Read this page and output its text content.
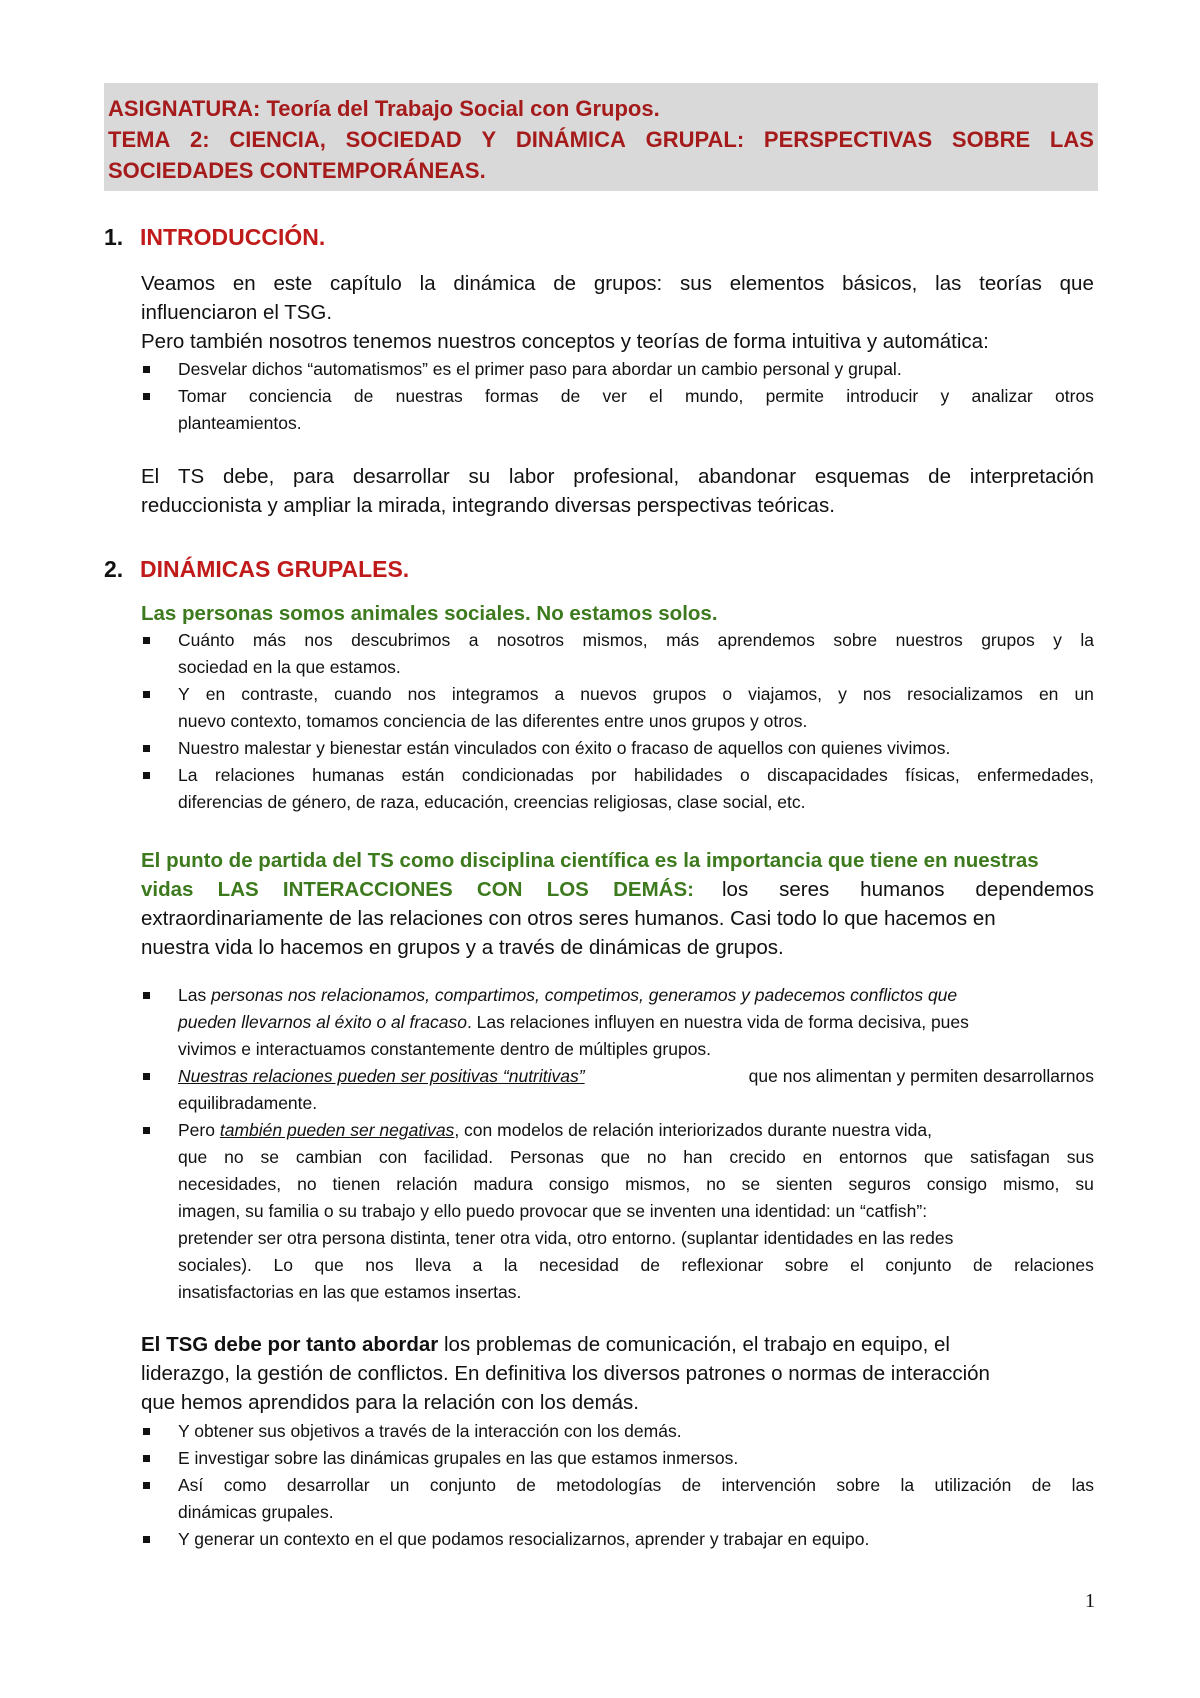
ASIGNATURA: Teoría del Trabajo Social con Grupos.
TEMA 2: CIENCIA, SOCIEDAD Y DINÁMICA GRUPAL: PERSPECTIVAS SOBRE LAS
SOCIEDADES CONTEMPORÁNEAS.
1. INTRODUCCIÓN.
Veamos en este capítulo la dinámica de grupos: sus elementos básicos, las teorías que
influenciaron el TSG.
Pero también nosotros tenemos nuestros conceptos y teorías de forma intuitiva y automática:
Desvelar dichos “automatismos” es el primer paso para abordar un cambio personal y grupal.
Tomar conciencia de nuestras formas de ver el mundo, permite introducir y analizar otros
planteamientos.
El TS debe, para desarrollar su labor profesional, abandonar esquemas de interpretación
reduccionista y ampliar la mirada, integrando diversas perspectivas teóricas.
2. DINÁMICAS GRUPALES.
Las personas somos animales sociales. No estamos solos.
Cuánto más nos descubrimos a nosotros mismos, más aprendemos sobre nuestros grupos y la
sociedad en la que estamos.
Y en contraste, cuando nos integramos a nuevos grupos o viajamos, y nos resocializamos en un
nuevo contexto, tomamos conciencia de las diferentes entre unos grupos y otros.
Nuestro malestar y bienestar están vinculados con éxito o fracaso de aquellos con quienes vivimos.
La relaciones humanas están condicionadas por habilidades o discapacidades físicas, enfermedades,
diferencias de género, de raza, educación, creencias religiosas, clase social, etc.
El punto de partida del TS como disciplina científica es la importancia que tiene en nuestras
vidas LAS INTERACCIONES CON LOS DEMÁS: los seres humanos dependemos
extraordinariamente de las relaciones con otros seres humanos. Casi todo lo que hacemos en
nuestra vida lo hacemos en grupos y a través de dinámicas de grupos.
Las personas nos relacionamos, compartimos, competimos, generamos y padecemos conflictos que
pueden llevarnos al éxito o al fracaso. Las relaciones influyen en nuestra vida de forma decisiva, pues
vivimos e interactuamos constantemente dentro de múltiples grupos.
Nuestras relaciones pueden ser positivas “nutritivas”	que nos alimentan y permiten desarrollarnos
equilibradamente.
Pero también pueden ser negativas, con modelos de relación interiorizados durante nuestra vida,
que no se cambian con facilidad. Personas que no han crecido en entornos que satisfagan sus
necesidades, no tienen relación madura consigo mismos, no se sienten seguros consigo mismo, su
imagen, su familia o su trabajo y ello puedo provocar que se inventen una identidad: un “catfish”:
pretender ser otra persona distinta, tener otra vida, otro entorno. (suplantar identidades en las redes
sociales). Lo que nos lleva a la necesidad de reflexionar sobre el conjunto de relaciones
insatisfactorias en las que estamos insertas.
El TSG debe por tanto abordar los problemas de comunicación, el trabajo en equipo, el
liderazgo, la gestión de conflictos. En definitiva los diversos patrones o normas de interacción
que hemos aprendidos para la relación con los demás.
Y obtener sus objetivos a través de la interacción con los demás.
E investigar sobre las dinámicas grupales en las que estamos inmersos.
Así como desarrollar un conjunto de metodologías de intervención sobre la utilización de las
dinámicas grupales.
Y generar un contexto en el que podamos resocializarnos, aprender y trabajar en equipo.
1
